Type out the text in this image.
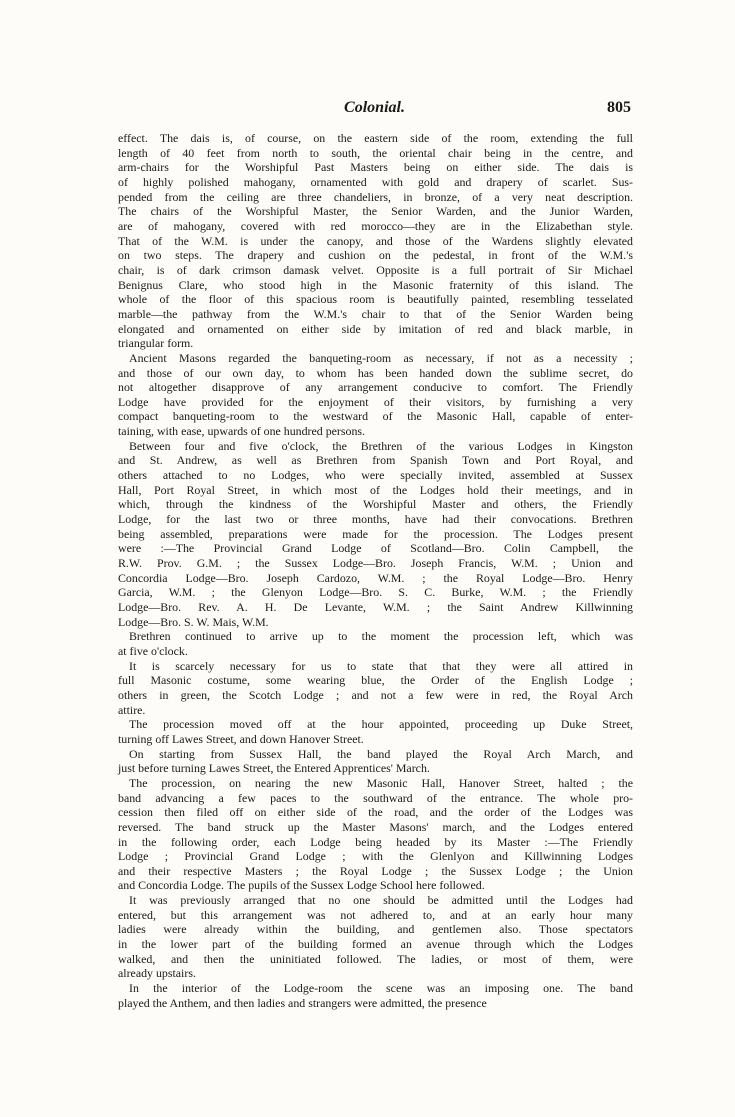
Colonial.	805
effect. The dais is, of course, on the eastern side of the room, extending the full
length of 40 feet from north to south, the oriental chair being in the centre, and
arm-chairs for the Worshipful Past Masters being on either side. The dais is
of highly polished mahogany, ornamented with gold and drapery of scarlet. Sus-
pended from the ceiling are three chandeliers, in bronze, of a very neat description.
The chairs of the Worshipful Master, the Senior Warden, and the Junior Warden,
are of mahogany, covered with red morocco—they are in the Elizabethan style.
That of the W.M. is under the canopy, and those of the Wardens slightly elevated
on two steps. The drapery and cushion on the pedestal, in front of the W.M.'s
chair, is of dark crimson damask velvet. Opposite is a full portrait of Sir Michael
Benignus Clare, who stood high in the Masonic fraternity of this island. The
whole of the floor of this spacious room is beautifully painted, resembling tesselated
marble—the pathway from the W.M.'s chair to that of the Senior Warden being
elongated and ornamented on either side by imitation of red and black marble, in
triangular form.
Ancient Masons regarded the banqueting-room as necessary, if not as a necessity ;
and those of our own day, to whom has been handed down the sublime secret, do
not altogether disapprove of any arrangement conducive to comfort. The Friendly
Lodge have provided for the enjoyment of their visitors, by furnishing a very
compact banqueting-room to the westward of the Masonic Hall, capable of enter-
taining, with ease, upwards of one hundred persons.
Between four and five o'clock, the Brethren of the various Lodges in Kingston
and St. Andrew, as well as Brethren from Spanish Town and Port Royal, and
others attached to no Lodges, who were specially invited, assembled at Sussex
Hall, Port Royal Street, in which most of the Lodges hold their meetings, and in
which, through the kindness of the Worshipful Master and others, the Friendly
Lodge, for the last two or three months, have had their convocations. Brethren
being assembled, preparations were made for the procession. The Lodges present
were :—The Provincial Grand Lodge of Scotland—Bro. Colin Campbell, the
R.W. Prov. G.M. ; the Sussex Lodge—Bro. Joseph Francis, W.M. ; Union and
Concordia Lodge—Bro. Joseph Cardozo, W.M. ; the Royal Lodge—Bro. Henry
Garcia, W.M. ; the Glenyon Lodge—Bro. S. C. Burke, W.M. ; the Friendly
Lodge—Bro. Rev. A. H. De Levante, W.M. ; the Saint Andrew Killwinning
Lodge—Bro. S. W. Mais, W.M.
Brethren continued to arrive up to the moment the procession left, which was
at five o'clock.
It is scarcely necessary for us to state that that they were all attired in
full Masonic costume, some wearing blue, the Order of the English Lodge ;
others in green, the Scotch Lodge ; and not a few were in red, the Royal Arch
attire.
The procession moved off at the hour appointed, proceeding up Duke Street,
turning off Lawes Street, and down Hanover Street.
On starting from Sussex Hall, the band played the Royal Arch March, and
just before turning Lawes Street, the Entered Apprentices' March.
The procession, on nearing the new Masonic Hall, Hanover Street, halted ; the
band advancing a few paces to the southward of the entrance. The whole pro-
cession then filed off on either side of the road, and the order of the Lodges was
reversed. The band struck up the Master Masons' march, and the Lodges entered
in the following order, each Lodge being headed by its Master :—The Friendly
Lodge ; Provincial Grand Lodge ; with the Glenlyon and Killwinning Lodges
and their respective Masters ; the Royal Lodge ; the Sussex Lodge ; the Union
and Concordia Lodge. The pupils of the Sussex Lodge School here followed.
It was previously arranged that no one should be admitted until the Lodges had
entered, but this arrangement was not adhered to, and at an early hour many
ladies were already within the building, and gentlemen also. Those spectators
in the lower part of the building formed an avenue through which the Lodges
walked, and then the uninitiated followed. The ladies, or most of them, were
already upstairs.
In the interior of the Lodge-room the scene was an imposing one. The band
played the Anthem, and then ladies and strangers were admitted, the presence
